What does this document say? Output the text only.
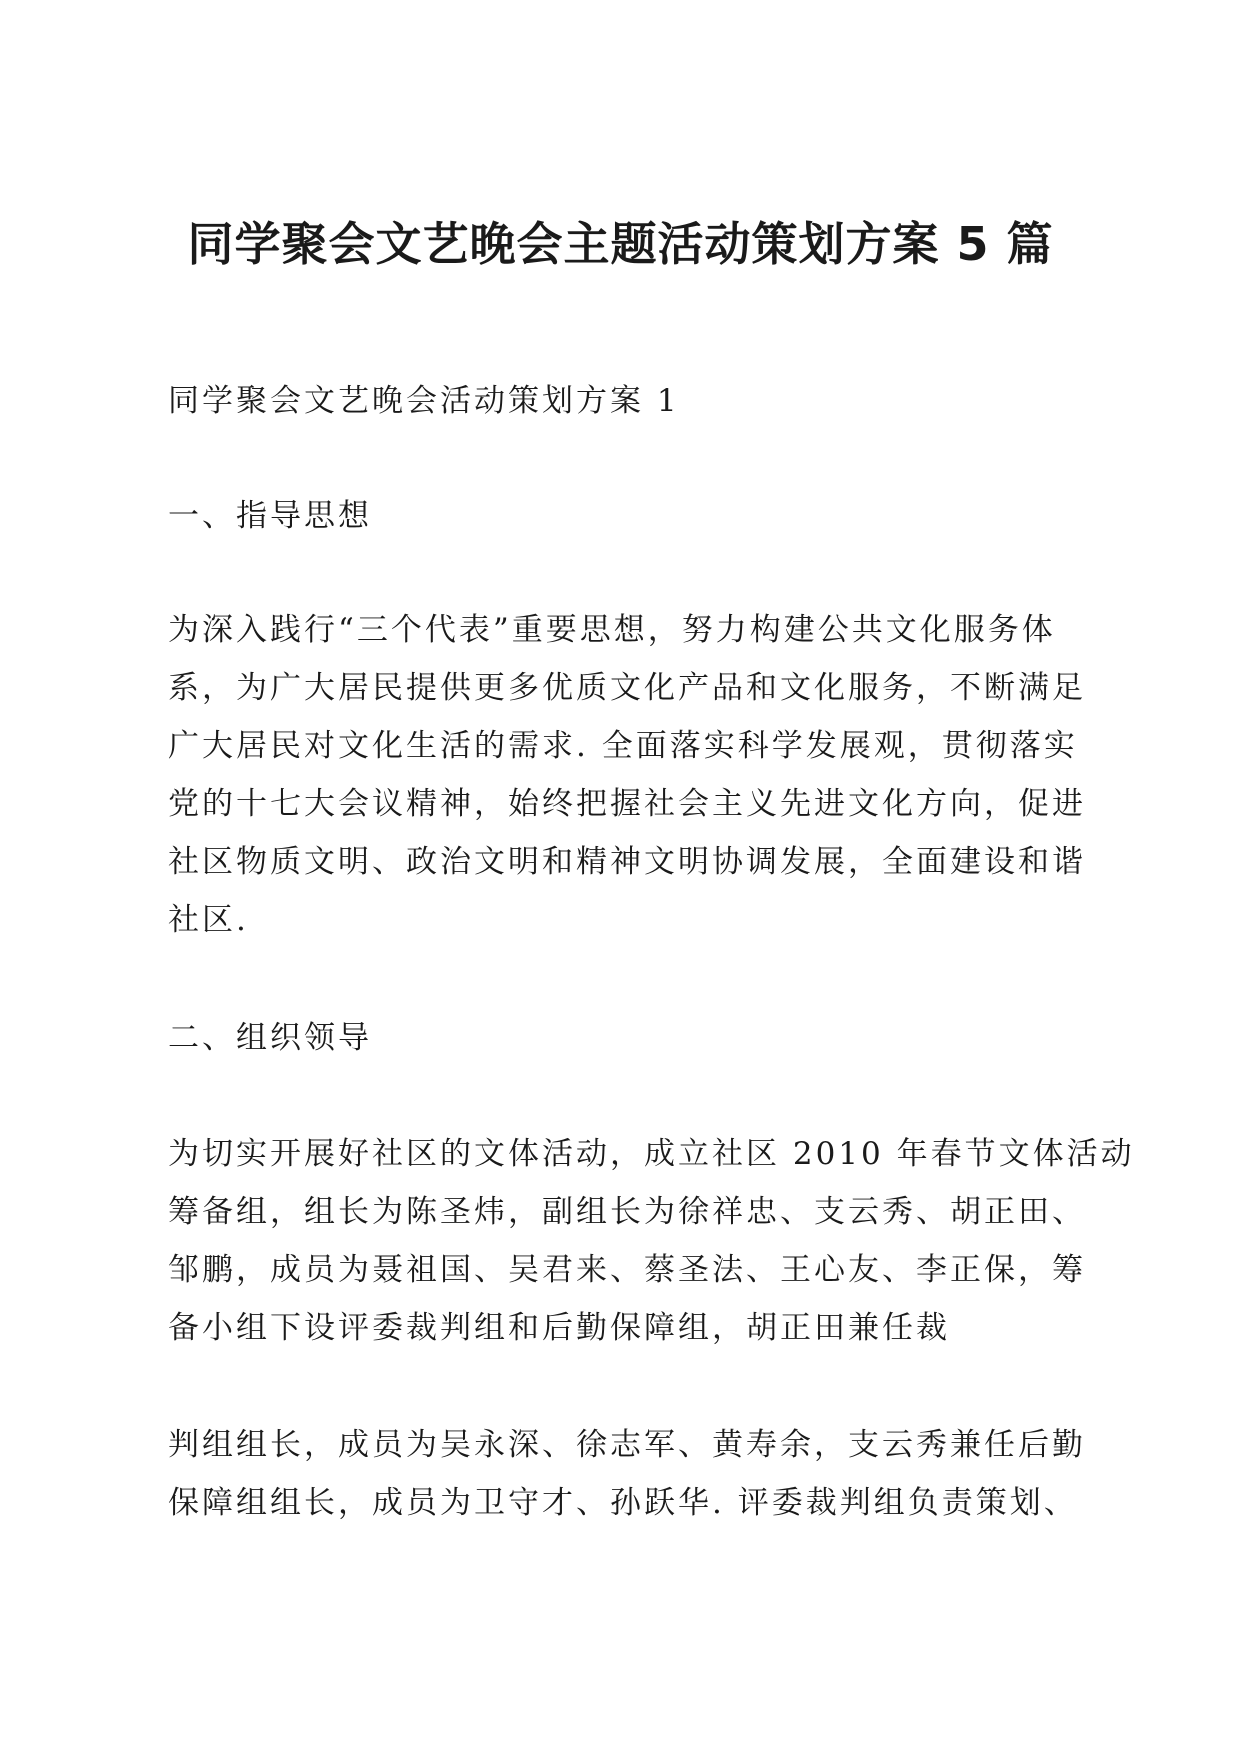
同学聚会文艺晚会主题活动策划方案 5 篇
同学聚会文艺晚会活动策划方案 1
一、指导思想
为深入践行“三个代表”重要思想，努力构建公共文化服务体
系，为广大居民提供更多优质文化产品和文化服务，不断满足
广大居民对文化生活的需求. 全面落实科学发展观，贯彻落实
党的十七大会议精神，始终把握社会主义先进文化方向，促进
社区物质文明、政治文明和精神文明协调发展，全面建设和谐
社区.
二、组织领导
为切实开展好社区的文体活动，成立社区 2010 年春节文体活动
筹备组，组长为陈圣炜，副组长为徐祥忠、支云秀、胡正田、
邹鹏，成员为聂祖国、吴君来、蔡圣法、王心友、李正保，筹
备小组下设评委裁判组和后勤保障组，胡正田兼任裁
判组组长，成员为吴永深、徐志军、黄寿余，支云秀兼任后勤
保障组组长，成员为卫守才、孙跃华. 评委裁判组负责策划、
